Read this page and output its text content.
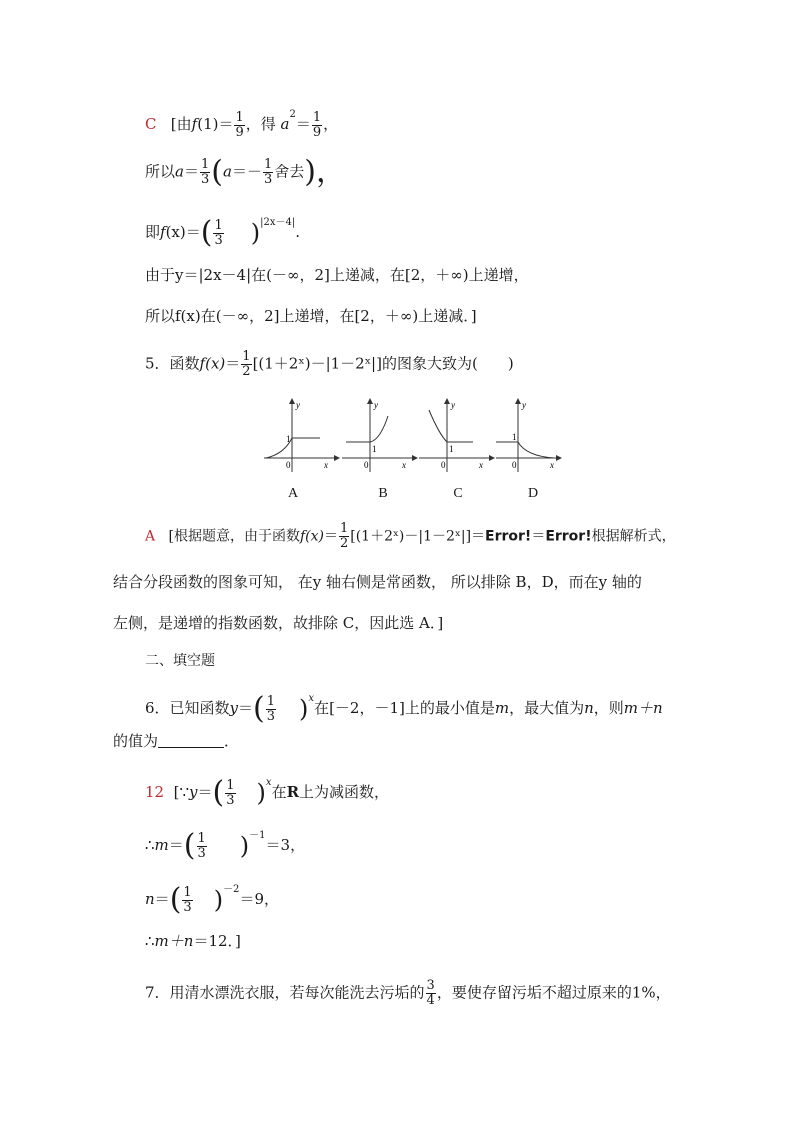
C [由$f(1)= \frac{1}{9}$ ，得 $a^2= \frac{1}{9}$ ，
所以$a= \frac{1}{3} (a=- \frac{1}{3}$ 舍去)，
即$f(x)=( \frac{1}{3} )^{|2x-4|}$.
由于y＝|2x－4|在(－∞，2]上递减，在[2，＋∞)上递增，
所以f(x)在(－∞，2]上递增，在[2，＋∞)上递减．]
5．函数$f(x)= \frac{1}{2}$ [(1＋2ˣ)－|1－2ˣ|]的图象大致为(　　)
y
x
1
0
y
x
1
0
y
x
1
0
y
x
1
0
A	B	C	D
A [根据题意，由于函数$f(x)= \frac{1}{2}$ [(1＋2ˣ)－|1－2ˣ|]＝Error!＝Error!根据解析式，
结合分段函数的图象可知， 在y 轴右侧是常函数， 所以排除 B，D，而在y 轴的
左侧，是递增的指数函数，故排除 C，因此选 A．]
二、填空题
6．已知函数$y=( \frac{1}{3} )^x$在[－2，－1]上的最小值是m，最大值为n，则m＋n
的值为	．
12 [∵y＝( $\frac{1}{3} )^x$在R上为减函数，
∴m＝( $\frac{1}{3} )^{-1}=3$，
$n=( \frac{1}{3} )^{-2}=9$，
∴m＋n＝12．]
7．用清水漂洗衣服，若每次能洗去污垢的 $\frac{3}{4}$ ，要使存留污垢不超过原来的1%，
